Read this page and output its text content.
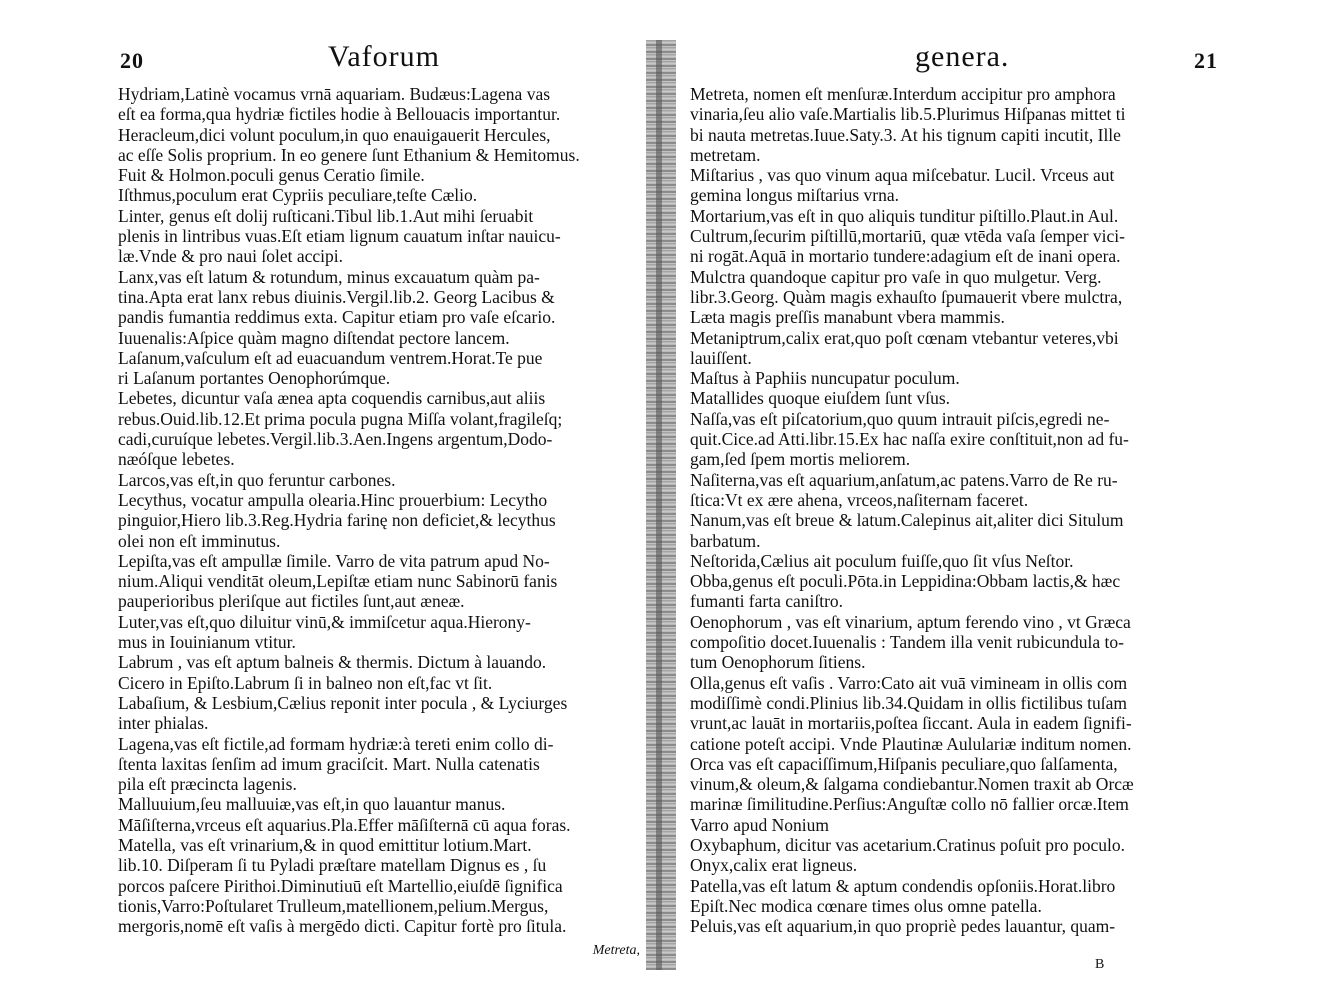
20	Vaforum
Hydriam,Latinè vocamus vrnā aquariam. Budæus:Lagena vas
eſt ea forma,qua hydriæ fictiles hodie à Bellouacis importantur.
Heracleum,dici volunt poculum,in quo enauigauerit Hercules,
ac eſſe Solis proprium. In eo genere ſunt Ethanium & Hemitomus.
Fuit & Holmon.poculi genus Ceratio ſimile.
Iſthmus,poculum erat Cypriis peculiare,teſte Cælio.
Linter, genus eſt dolij ruſticani.Tibul lib.1.Aut mihi ſeruabit
plenis in lintribus vuas.Eſt etiam lignum cauatum inſtar nauicu-
læ.Vnde & pro naui ſolet accipi.
Lanx,vas eſt latum & rotundum, minus excauatum quàm pa-
tina.Apta erat lanx rebus diuinis.Vergil.lib.2. Georg Lacibus &
pandis fumantia reddimus exta. Capitur etiam pro vaſe eſcario.
Iuuenalis:Aſpice quàm magno diſtendat pectore lancem.
Laſanum,vaſculum eſt ad euacuandum ventrem.Horat.Te pue
ri Laſanum portantes Oenophorúmque.
Lebetes, dicuntur vaſa ænea apta coquendis carnibus,aut aliis
rebus.Ouid.lib.12.Et prima pocula pugna Miſſa volant,fragileſq;
cadi,curuíque lebetes.Vergil.lib.3.Aen.Ingens argentum,Dodo-
næóſque lebetes.
Larcos,vas eſt,in quo feruntur carbones.
Lecythus, vocatur ampulla olearia.Hinc prouerbium: Lecytho
pinguior,Hiero lib.3.Reg.Hydria farinę non deficiet,& lecythus
olei non eſt imminutus.
Lepiſta,vas eſt ampullæ ſimile. Varro de vita patrum apud No-
nium.Aliqui venditāt oleum,Lepiſtæ etiam nunc Sabinorū fanis
pauperioribus pleriſque aut fictiles ſunt,aut æneæ.
Luter,vas eſt,quo diluitur vinū,& immiſcetur aqua.Hierony-
mus in Iouinianum vtitur.
Labrum , vas eſt aptum balneis & thermis. Dictum à lauando.
Cicero in Epiſto.Labrum ſi in balneo non eſt,fac vt ſit.
Labaſium, & Lesbium,Cælius reponit inter pocula , & Lyciurges
inter phialas.
Lagena,vas eſt fictile,ad formam hydriæ:à tereti enim collo di-
ſtenta laxitas ſenſim ad imum graciſcit. Mart. Nulla catenatis
pila eſt præcincta lagenis.
Malluuium,ſeu malluuiæ,vas eſt,in quo lauantur manus.
Māſiſterna,vrceus eſt aquarius.Pla.Effer māſiſternā cū aqua foras.
Matella, vas eſt vrinarium,& in quod emittitur lotium.Mart.
lib.10. Diſperam ſi tu Pyladi præſtare matellam Dignus es , ſu
porcos paſcere Pirithoi.Diminutiuū eſt Martellio,eiuſdē ſignifica
tionis,Varro:Poſtularet Trulleum,matellionem,pelium.Mergus,
mergoris,nomē eſt vaſis à mergēdo dicti. Capitur fortè pro ſitula.
Metreta,
genera.	21
Metreta, nomen eſt menſuræ.Interdum accipitur pro amphora
vinaria,ſeu alio vaſe.Martialis lib.5.Plurimus Hiſpanas mittet ti
bi nauta metretas.Iuue.Saty.3. At his tignum capiti incutit, Ille
metretam.
Miſtarius , vas quo vinum aqua miſcebatur. Lucil. Vrceus aut
gemina longus miſtarius vrna.
Mortarium,vas eſt in quo aliquis tunditur piſtillo.Plaut.in Aul.
Cultrum,ſecurim piſtillū,mortariū, quæ vtēda vaſa ſemper vici-
ni rogāt.Aquā in mortario tundere:adagium eſt de inani opera.
Mulctra quandoque capitur pro vaſe in quo mulgetur. Verg.
libr.3.Georg. Quàm magis exhauſto ſpumauerit vbere mulctra,
Læta magis preſſis manabunt vbera mammis.
Metaniptrum,calix erat,quo poſt cœnam vtebantur veteres,vbi
lauiſſent.
Maſtus à Paphiis nuncupatur poculum.
Matallides quoque eiuſdem ſunt vſus.
Naſſa,vas eſt piſcatorium,quo quum intrauit piſcis,egredi ne-
quit.Cice.ad Atti.libr.15.Ex hac naſſa exire conſtituit,non ad fu-
gam,ſed ſpem mortis meliorem.
Naſiterna,vas eſt aquarium,anſatum,ac patens.Varro de Re ru-
ſtica:Vt ex ære ahena, vrceos,naſiternam faceret.
Nanum,vas eſt breue & latum.Calepinus ait,aliter dici Situlum
barbatum.
Neſtorida,Cælius ait poculum fuiſſe,quo ſit vſus Neſtor.
Obba,genus eſt poculi.Pōta.in Leppidina:Obbam lactis,& hæc
fumanti farta caniſtro.
Oenophorum , vas eſt vinarium, aptum ferendo vino , vt Græca
compoſitio docet.Iuuenalis : Tandem illa venit rubicundula to-
tum Oenophorum ſitiens.
Olla,genus eſt vaſis . Varro:Cato ait vuā vimineam in ollis com
modiſſimè condi.Plinius lib.34.Quidam in ollis fictilibus tuſam
vrunt,ac lauāt in mortariis,poſtea ſiccant. Aula in eadem ſignifi-
catione poteſt accipi. Vnde Plautinæ Aululariæ inditum nomen.
Orca vas eſt capaciſſimum,Hiſpanis peculiare,quo ſalſamenta,
vinum,& oleum,& ſalgama condiebantur.Nomen traxit ab Orcæ
marinæ ſimilitudine.Perſius:Anguſtæ collo nō fallier orcæ.Item
Varro apud Nonium
Oxybaphum, dicitur vas acetarium.Cratinus poſuit pro poculo.
Onyx,calix erat ligneus.
Patella,vas eſt latum & aptum condendis opſoniis.Horat.libro
Epiſt.Nec modica cœnare times olus omne patella.
Peluis,vas eſt aquarium,in quo propriè pedes lauantur, quam-
B
